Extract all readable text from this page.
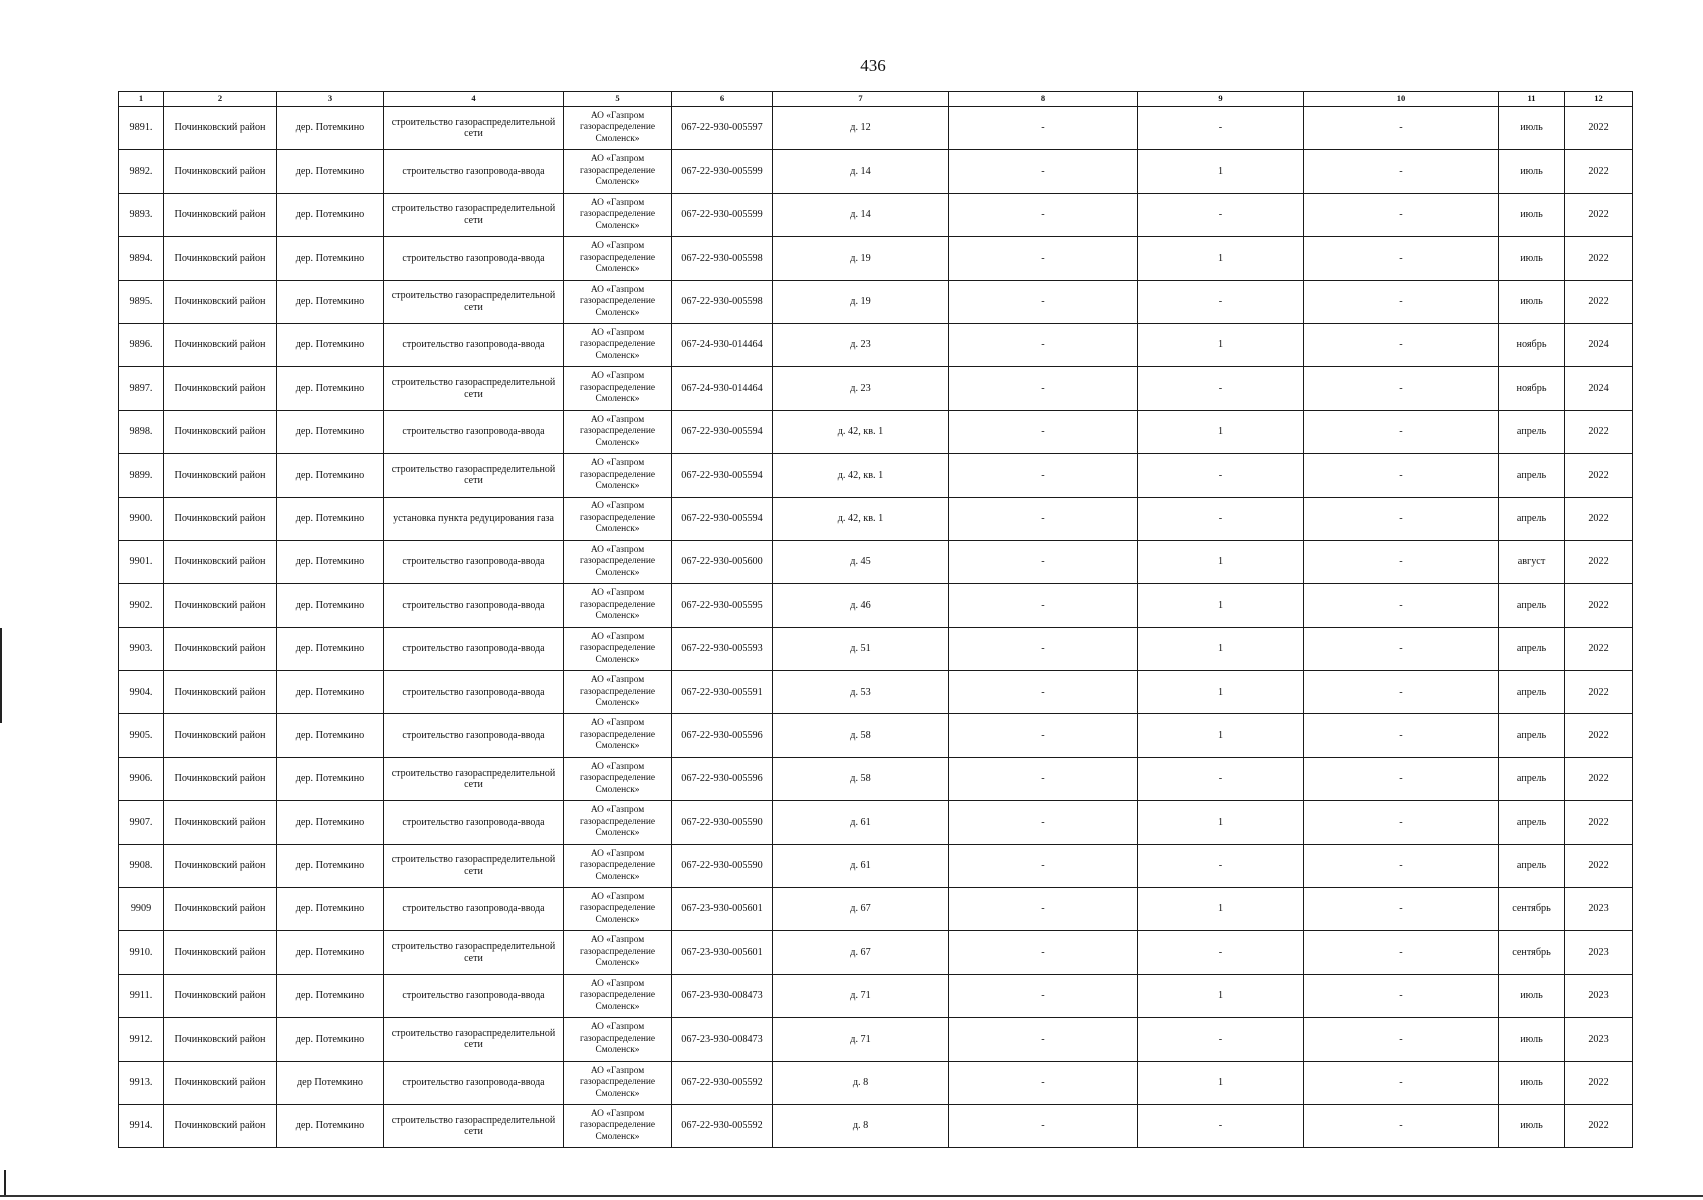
436
1	2	3	4	5	6	7	8	9	10	11	12
9891.	Починковский район	дер. Потемкино	строительство газораспределительной сети	АО «Газпром газораспределение Смоленск»	067-22-930-005597	д. 12	-	-	-	июль	2022
9892.	Починковский район	дер. Потемкино	строительство газопровода-ввода	АО «Газпром газораспределение Смоленск»	067-22-930-005599	д. 14	-	1	-	июль	2022
9893.	Починковский район	дер. Потемкино	строительство газораспределительной сети	АО «Газпром газораспределение Смоленск»	067-22-930-005599	д. 14	-	-	-	июль	2022
9894.	Починковский район	дер. Потемкино	строительство газопровода-ввода	АО «Газпром газораспределение Смоленск»	067-22-930-005598	д. 19	-	1	-	июль	2022
9895.	Починковский район	дер. Потемкино	строительство газораспределительной сети	АО «Газпром газораспределение Смоленск»	067-22-930-005598	д. 19	-	-	-	июль	2022
9896.	Починковский район	дер. Потемкино	строительство газопровода-ввода	АО «Газпром газораспределение Смоленск»	067-24-930-014464	д. 23	-	1	-	ноябрь	2024
9897.	Починковский район	дер. Потемкино	строительство газораспределительной сети	АО «Газпром газораспределение Смоленск»	067-24-930-014464	д. 23	-	-	-	ноябрь	2024
9898.	Починковский район	дер. Потемкино	строительство газопровода-ввода	АО «Газпром газораспределение Смоленск»	067-22-930-005594	д. 42, кв. 1	-	1	-	апрель	2022
9899.	Починковский район	дер. Потемкино	строительство газораспределительной сети	АО «Газпром газораспределение Смоленск»	067-22-930-005594	д. 42, кв. 1	-	-	-	апрель	2022
9900.	Починковский район	дер. Потемкино	установка пункта редуцирования газа	АО «Газпром газораспределение Смоленск»	067-22-930-005594	д. 42, кв. 1	-	-	-	апрель	2022
9901.	Починковский район	дер. Потемкино	строительство газопровода-ввода	АО «Газпром газораспределение Смоленск»	067-22-930-005600	д. 45	-	1	-	август	2022
9902.	Починковский район	дер. Потемкино	строительство газопровода-ввода	АО «Газпром газораспределение Смоленск»	067-22-930-005595	д. 46	-	1	-	апрель	2022
9903.	Починковский район	дер. Потемкино	строительство газопровода-ввода	АО «Газпром газораспределение Смоленск»	067-22-930-005593	д. 51	-	1	-	апрель	2022
9904.	Починковский район	дер. Потемкино	строительство газопровода-ввода	АО «Газпром газораспределение Смоленск»	067-22-930-005591	д. 53	-	1	-	апрель	2022
9905.	Починковский район	дер. Потемкино	строительство газопровода-ввода	АО «Газпром газораспределение Смоленск»	067-22-930-005596	д. 58	-	1	-	апрель	2022
9906.	Починковский район	дер. Потемкино	строительство газораспределительной сети	АО «Газпром газораспределение Смоленск»	067-22-930-005596	д. 58	-	-	-	апрель	2022
9907.	Починковский район	дер. Потемкино	строительство газопровода-ввода	АО «Газпром газораспределение Смоленск»	067-22-930-005590	д. 61	-	1	-	апрель	2022
9908.	Починковский район	дер. Потемкино	строительство газораспределительной сети	АО «Газпром газораспределение Смоленск»	067-22-930-005590	д. 61	-	-	-	апрель	2022
9909	Починковский район	дер. Потемкино	строительство газопровода-ввода	АО «Газпром газораспределение Смоленск»	067-23-930-005601	д. 67	-	1	-	сентябрь	2023
9910.	Починковский район	дер. Потемкино	строительство газораспределительной сети	АО «Газпром газораспределение Смоленск»	067-23-930-005601	д. 67	-	-	-	сентябрь	2023
9911.	Починковский район	дер. Потемкино	строительство газопровода-ввода	АО «Газпром газораспределение Смоленск»	067-23-930-008473	д. 71	-	1	-	июль	2023
9912.	Починковский район	дер. Потемкино	строительство газораспределительной сети	АО «Газпром газораспределение Смоленск»	067-23-930-008473	д. 71	-	-	-	июль	2023
9913.	Починковский район	дер Потемкино	строительство газопровода-ввода	АО «Газпром газораспределение Смоленск»	067-22-930-005592	д. 8	-	1	-	июль	2022
9914.	Починковский район	дер. Потемкино	строительство газораспределительной сети	АО «Газпром газораспределение Смоленск»	067-22-930-005592	д. 8	-	-	-	июль	2022
